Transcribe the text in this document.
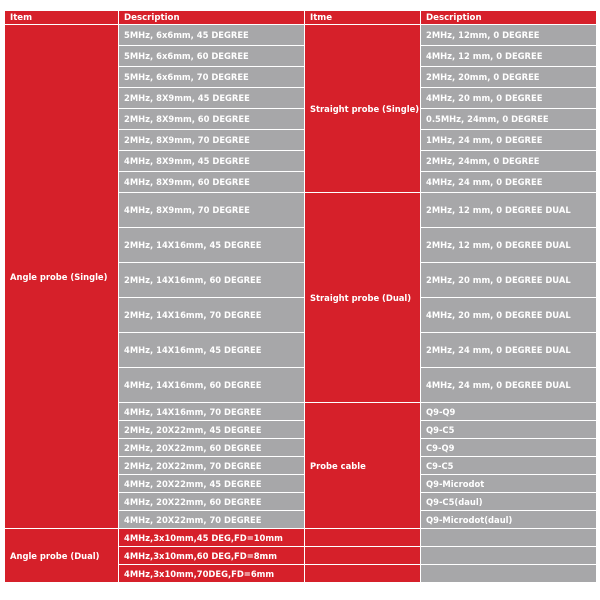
Item	Description	Itme	Description
Angle probe (Single)	5MHz, 6x6mm, 45 DEGREE	Straight probe (Single)	2MHz, 12mm, 0 DEGREE
	5MHz, 6x6mm, 60 DEGREE		4MHz, 12 mm, 0 DEGREE
	5MHz, 6x6mm, 70 DEGREE		2MHz, 20mm, 0 DEGREE
	2MHz, 8X9mm, 45 DEGREE		4MHz, 20 mm, 0 DEGREE
	2MHz, 8X9mm, 60 DEGREE		0.5MHz, 24mm, 0 DEGREE
	2MHz, 8X9mm, 70 DEGREE		1MHz, 24 mm, 0 DEGREE
	4MHz, 8X9mm, 45 DEGREE		2MHz, 24mm, 0 DEGREE
	4MHz, 8X9mm, 60 DEGREE		4MHz, 24 mm, 0 DEGREE
	4MHz, 8X9mm, 70 DEGREE	Straight probe (Dual)	2MHz, 12 mm, 0 DEGREE DUAL
	2MHz, 14X16mm, 45 DEGREE		2MHz, 12 mm, 0 DEGREE DUAL
	2MHz, 14X16mm, 60 DEGREE		2MHz, 20 mm, 0 DEGREE DUAL
	2MHz, 14X16mm, 70 DEGREE		4MHz, 20 mm, 0 DEGREE DUAL
	4MHz, 14X16mm, 45 DEGREE		2MHz, 24 mm, 0 DEGREE DUAL
	4MHz, 14X16mm, 60 DEGREE		4MHz, 24 mm, 0 DEGREE DUAL
	4MHz, 14X16mm, 70 DEGREE	Probe cable	Q9-Q9
	2MHz, 20X22mm, 45 DEGREE		Q9-C5
	2MHz, 20X22mm, 60 DEGREE		C9-Q9
	2MHz, 20X22mm, 70 DEGREE		C9-C5
	4MHz, 20X22mm, 45 DEGREE		Q9-Microdot
	4MHz, 20X22mm, 60 DEGREE		Q9-C5(daul)
	4MHz, 20X22mm, 70 DEGREE		Q9-Microdot(daul)
Angle probe (Dual)	4MHz,3x10mm,45 DEG,FD=10mm		
	4MHz,3x10mm,60 DEG,FD=8mm		
	4MHz,3x10mm,70DEG,FD=6mm		
